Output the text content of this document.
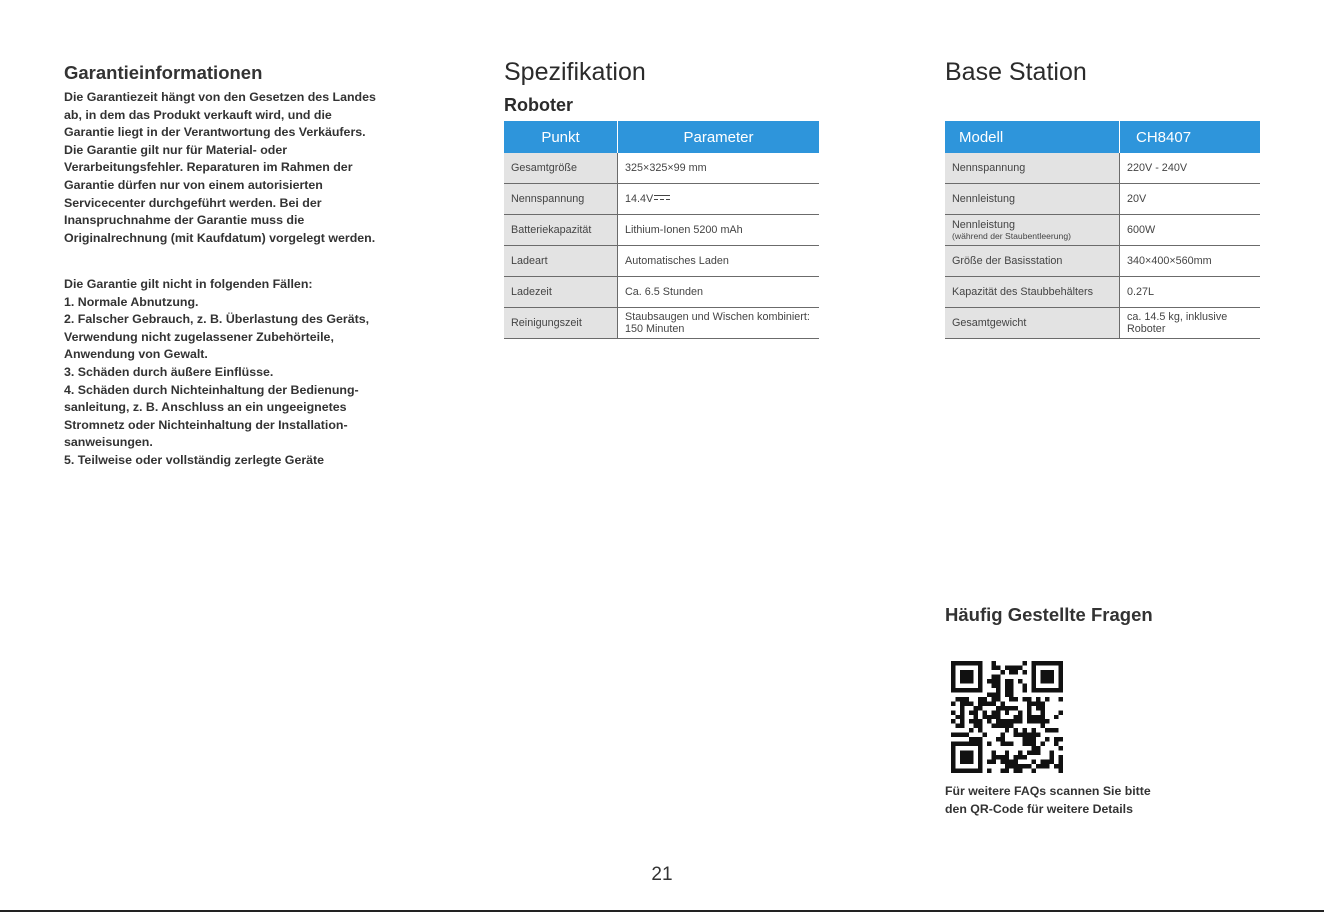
Garantieinformationen

Die Garantiezeit hängt von den Gesetzen des Landes ab, in dem das Produkt verkauft wird, und die Garantie liegt in der Verantwortung des Verkäufers. Die Garantie gilt nur für Material- oder Verarbeitungsfehler. Reparaturen im Rahmen der Garantie dürfen nur von einem autorisierten Servicecenter durchgeführt werden. Bei der Inanspruchnahme der Garantie muss die Originalrechnung (mit Kaufdatum) vorgelegt werden.

Die Garantie gilt nicht in folgenden Fällen:
1. Normale Abnutzung.
2. Falscher Gebrauch, z. B. Überlastung des Geräts, Verwendung nicht zugelassener Zubehörteile, Anwendung von Gewalt.
3. Schäden durch äußere Einflüsse.
4. Schäden durch Nichteinhaltung der Bedienung-sanleitung, z. B. Anschluss an ein ungeeignetes Stromnetz oder Nichteinhaltung der Installation-sanweisungen.
5. Teilweise oder vollständig zerlegte Geräte
Spezifikation
Roboter
Punkt	Parameter
Gesamtgröße	325×325×99 mm
Nennspannung	14.4V
Batteriekapazität	Lithium-Ionen 5200 mAh
Ladeart	Automatisches Laden
Ladezeit	Ca. 6.5 Stunden
Reinigungszeit	Staubsaugen und Wischen kombiniert: 150 Minuten
Base Station
Modell	CH8407
Nennspannung	220V - 240V
Nennleistung	20V

Nennleistung
(während der Staubentleerung)	600W
Größe der Basisstation	340×400×560mm
Kapazität des Staubbehälters	0.27L
Gesamtgewicht	ca. 14.5 kg, inklusive Roboter
Häufig Gestellte Fragen

Für weitere FAQs scannen Sie bitte den QR-Code für weitere Details

21
